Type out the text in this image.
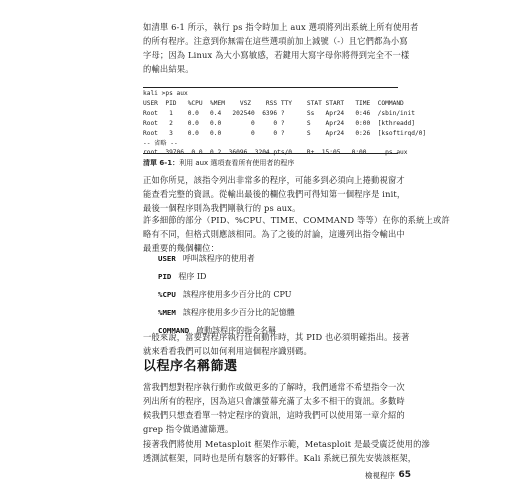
如清單 6-1 所示，執行 ps 指令時加上 aux 選項將列出系統上所有使用者
的所有程序。注意到你無需在這些選項前加上減號（-）且它們都為小寫
字母；因為 Linux 為大小寫敏感，若鍵用大寫字母你將得到完全不一樣
的輸出結果。

kali >ps aux
USER  PID   %CPU  %MEM    VSZ    RSS TTY    STAT START   TIME  COMMAND
Root   1    0.0   0.4   202540  6396 ?      Ss   Apr24   0:46  /sbin/init
Root   2    0.0   0.0        0     0 ?      S    Apr24   0:00  [kthreadd]
Root   3    0.0   0.0        0     0 ?      S    Apr24   0:26  [ksoftirqd/0]
-- 省略 --
root  39706  0.0  0.2  36096  3204 pts/0    R+  15:05   0:00     ps aux
清單 6-1：利用 aux 選項查看所有使用者的程序

正如你所見，該指令列出非常多的程序，可能多到必須向上捲動視窗才
能查看完整的資訊。從輸出最後的欄位我們可得知第一個程序是 init，
最後一個程序則為我們剛執行的 ps aux。

許多細節的部分（PID、%CPU、TIME、COMMAND 等等）在你的系統上或許
略有不同，但格式則應該相同。為了之後的討論，這邊列出指令輸出中
最重要的幾個欄位：

USER 呼叫該程序的使用者
PID 程序 ID
%CPU 該程序使用多少百分比的 CPU
%MEM 該程序使用多少百分比的記憶體
COMMAND 啟動該程序的指令名稱

一般來說，當要對程序執行任何動作時，其 PID 也必須明確指出。接著
就來看看我們可以如何利用這個程序識別碼。

以程序名稱篩選

當我們想對程序執行動作或做更多的了解時，我們通常不希望指令一次
列出所有的程序，因為這只會讓螢幕充滿了太多不相干的資訊。多數時
候我們只想查看單一特定程序的資訊，這時我們可以使用第一章介紹的
grep 指令做過濾篩選。

接著我們將使用 Metasploit 框架作示範，Metasploit 是最受廣泛使用的滲
透測試框架，同時也是所有駭客的好夥伴。Kali 系統已預先安裝該框架，

檢視程序 65
